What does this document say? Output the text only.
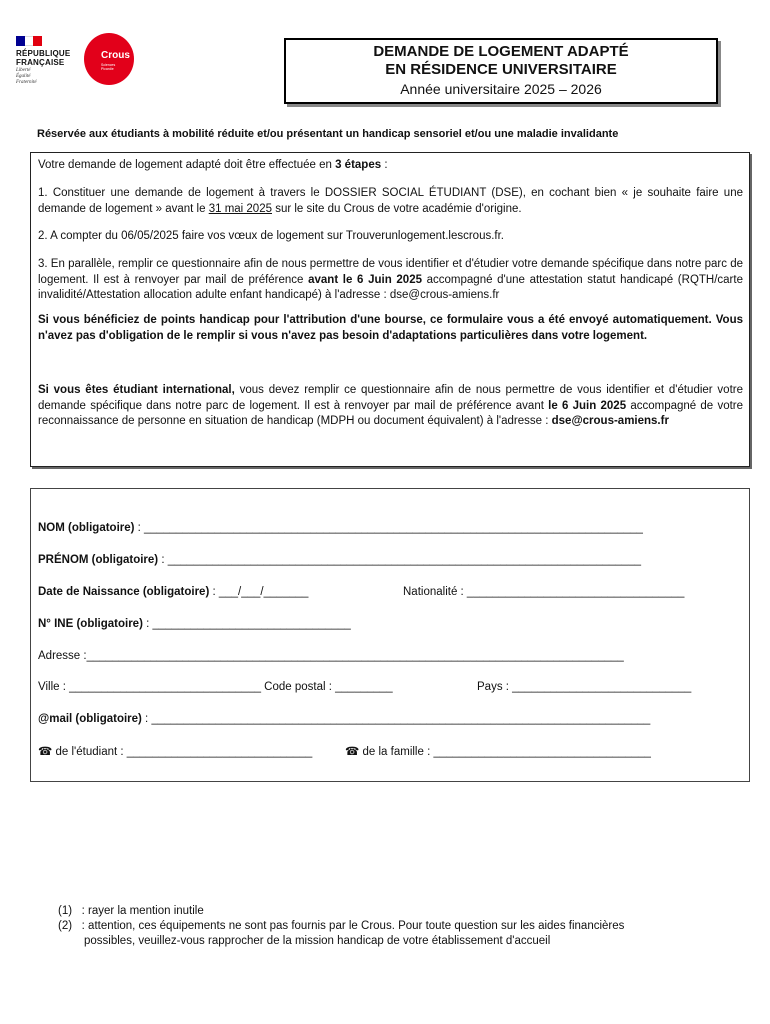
RÉPUBLIQUE
FRANÇAISE
Liberté
Égalité
Fraternité
Crous
Sciences
Picardie
DEMANDE DE LOGEMENT ADAPTÉ
EN RÉSIDENCE UNIVERSITAIRE
Année universitaire 2025 – 2026
Réservée aux étudiants à mobilité réduite et/ou présentant un handicap sensoriel et/ou une maladie invalidante

Votre demande de logement adapté doit être effectuée en 3 étapes :

1. Constituer une demande de logement à travers le DOSSIER SOCIAL ÉTUDIANT (DSE), en cochant bien « je souhaite faire une demande de logement » avant le 31 mai 2025 sur le site du Crous de votre académie d'origine.

2. A compter du 06/05/2025 faire vos vœux de logement sur Trouverunlogement.lescrous.fr.

3. En parallèle, remplir ce questionnaire afin de nous permettre de vous identifier et d'étudier votre demande spécifique dans notre parc de logement. Il est à renvoyer par mail de préférence avant le 6 Juin 2025 accompagné d'une attestation statut handicapé (RQTH/carte invalidité/Attestation allocation adulte enfant handicapé) à l'adresse : dse@crous-amiens.fr

Si vous bénéficiez de points handicap pour l'attribution d'une bourse, ce formulaire vous a été envoyé automatiquement. Vous n'avez pas d'obligation de le remplir si vous n'avez pas besoin d'adaptations particulières dans votre logement.

Si vous êtes étudiant international, vous devez remplir ce questionnaire afin de nous permettre de vous identifier et d'étudier votre demande spécifique dans notre parc de logement. Il est à renvoyer par mail de préférence avant le 6 Juin 2025 accompagné de votre reconnaissance de personne en situation de handicap (MDPH ou document équivalent) à l'adresse : dse@crous-amiens.fr

NOM (obligatoire) : ______________________________________________________________________________
PRÉNOM (obligatoire) : __________________________________________________________________________
Date de Naissance (obligatoire) : ___/___/_______	Nationalité : __________________________________
N° INE (obligatoire) : _______________________________
Adresse :____________________________________________________________________________________
Ville : ______________________________ Code postal : _________	Pays : ____________________________
@mail (obligatoire) : ______________________________________________________________________________
☎ de l'étudiant : _____________________________	☎ de la famille : __________________________________
(1) : rayer la mention inutile
(2) : attention, ces équipements ne sont pas fournis par le Crous. Pour toute question sur les aides financières
possibles, veuillez-vous rapprocher de la mission handicap de votre établissement d'accueil
